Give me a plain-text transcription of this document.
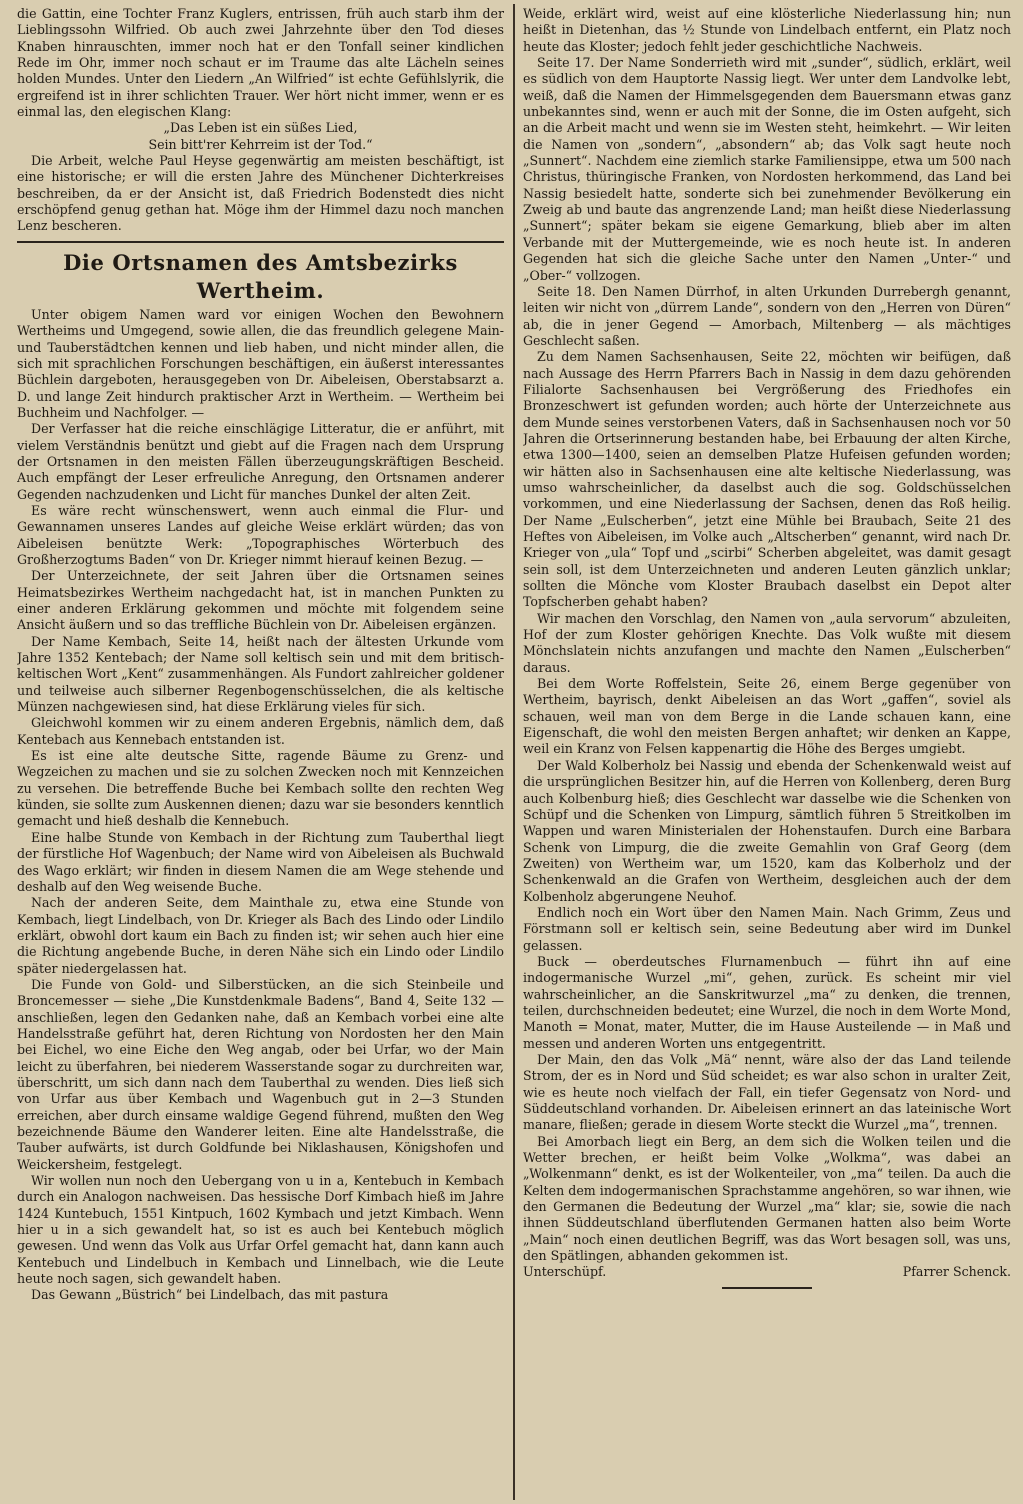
die Gattin, eine Tochter Franz Kuglers, entrissen, früh auch starb ihm der Lieblingssohn Wilfried. Ob auch zwei Jahrzehnte über den Tod dieses Knaben hinrauschten, immer noch hat er den Tonfall seiner kindlichen Rede im Ohr, immer noch schaut er im Traume das alte Lächeln seines holden Mundes. Unter den Liedern „An Wilfried“ ist echte Gefühlslyrik, die ergreifend ist in ihrer schlichten Trauer. Wer hört nicht immer, wenn er es einmal las, den elegischen Klang:

„Das Leben ist ein süßes Lied,

Sein bitt'rer Kehrreim ist der Tod.“

Die Arbeit, welche Paul Heyse gegenwärtig am meisten beschäftigt, ist eine historische; er will die ersten Jahre des Münchener Dichterkreises beschreiben, da er der Ansicht ist, daß Friedrich Bodenstedt dies nicht erschöpfend genug gethan hat. Möge ihm der Himmel dazu noch manchen Lenz bescheren.

Die Ortsnamen des Amtsbezirks Wertheim.

Unter obigem Namen ward vor einigen Wochen den Bewohnern Wertheims und Umgegend, sowie allen, die das freundlich gelegene Main- und Tauberstädtchen kennen und lieb haben, und nicht minder allen, die sich mit sprachlichen Forschungen beschäftigen, ein äußerst interessantes Büchlein dargeboten, herausgegeben von Dr. Aibeleisen, Oberstabsarzt a. D. und lange Zeit hindurch praktischer Arzt in Wertheim. — Wertheim bei Buchheim und Nachfolger. —

Der Verfasser hat die reiche einschlägige Litteratur, die er anführt, mit vielem Verständnis benützt und giebt auf die Fragen nach dem Ursprung der Ortsnamen in den meisten Fällen überzeugungskräftigen Bescheid. Auch empfängt der Leser erfreuliche Anregung, den Ortsnamen anderer Gegenden nachzudenken und Licht für manches Dunkel der alten Zeit.

Es wäre recht wünschenswert, wenn auch einmal die Flur- und Gewannamen unseres Landes auf gleiche Weise erklärt würden; das von Aibeleisen benützte Werk: „Topographisches Wörterbuch des Großherzogtums Baden“ von Dr. Krieger nimmt hierauf keinen Bezug. —

Der Unterzeichnete, der seit Jahren über die Ortsnamen seines Heimatsbezirkes Wertheim nachgedacht hat, ist in manchen Punkten zu einer anderen Erklärung gekommen und möchte mit folgendem seine Ansicht äußern und so das treffliche Büchlein von Dr. Aibeleisen ergänzen.

Der Name Kembach, Seite 14, heißt nach der ältesten Urkunde vom Jahre 1352 Kentebach; der Name soll keltisch sein und mit dem britisch-keltischen Wort „Kent“ zusammenhängen. Als Fundort zahlreicher goldener und teilweise auch silberner Regenbogenschüsselchen, die als keltische Münzen nachgewiesen sind, hat diese Erklärung vieles für sich.

Gleichwohl kommen wir zu einem anderen Ergebnis, nämlich dem, daß Kentebach aus Kennebach entstanden ist.

Es ist eine alte deutsche Sitte, ragende Bäume zu Grenz- und Wegzeichen zu machen und sie zu solchen Zwecken noch mit Kennzeichen zu versehen. Die betreffende Buche bei Kembach sollte den rechten Weg künden, sie sollte zum Auskennen dienen; dazu war sie besonders kenntlich gemacht und hieß deshalb die Kennebuch.

Eine halbe Stunde von Kembach in der Richtung zum Tauberthal liegt der fürstliche Hof Wagenbuch; der Name wird von Aibeleisen als Buchwald des Wago erklärt; wir finden in diesem Namen die am Wege stehende und deshalb auf den Weg weisende Buche.

Nach der anderen Seite, dem Mainthale zu, etwa eine Stunde von Kembach, liegt Lindelbach, von Dr. Krieger als Bach des Lindo oder Lindilo erklärt, obwohl dort kaum ein Bach zu finden ist; wir sehen auch hier eine die Richtung angebende Buche, in deren Nähe sich ein Lindo oder Lindilo später niedergelassen hat.

Die Funde von Gold- und Silberstücken, an die sich Steinbeile und Broncemesser — siehe „Die Kunstdenkmale Badens“, Band 4, Seite 132 — anschließen, legen den Gedanken nahe, daß an Kembach vorbei eine alte Handelsstraße geführt hat, deren Richtung von Nordosten her den Main bei Eichel, wo eine Eiche den Weg angab, oder bei Urfar, wo der Main leicht zu überfahren, bei niederem Wasserstande sogar zu durchreiten war, überschritt, um sich dann nach dem Tauberthal zu wenden. Dies ließ sich von Urfar aus über Kembach und Wagenbuch gut in 2—3 Stunden erreichen, aber durch einsame waldige Gegend führend, mußten den Weg bezeichnende Bäume den Wanderer leiten. Eine alte Handelsstraße, die Tauber aufwärts, ist durch Goldfunde bei Niklashausen, Königshofen und Weickersheim, festgelegt.

Wir wollen nun noch den Uebergang von u in a, Kentebuch in Kembach durch ein Analogon nachweisen. Das hessische Dorf Kimbach hieß im Jahre 1424 Kuntebuch, 1551 Kintpuch, 1602 Kymbach und jetzt Kimbach. Wenn hier u in a sich gewandelt hat, so ist es auch bei Kentebuch möglich gewesen. Und wenn das Volk aus Urfar Orfel gemacht hat, dann kann auch Kentebuch und Lindelbuch in Kembach und Linnelbach, wie die Leute heute noch sagen, sich gewandelt haben.

Das Gewann „Büstrich“ bei Lindelbach, das mit pastura

Weide, erklärt wird, weist auf eine klösterliche Niederlassung hin; nun heißt in Dietenhan, das ½ Stunde von Lindelbach entfernt, ein Platz noch heute das Kloster; jedoch fehlt jeder geschichtliche Nachweis.

Seite 17. Der Name Sonderrieth wird mit „sunder“, südlich, erklärt, weil es südlich von dem Hauptorte Nassig liegt. Wer unter dem Landvolke lebt, weiß, daß die Namen der Himmelsgegenden dem Bauersmann etwas ganz unbekanntes sind, wenn er auch mit der Sonne, die im Osten aufgeht, sich an die Arbeit macht und wenn sie im Westen steht, heimkehrt. — Wir leiten die Namen von „sondern“, „absondern“ ab; das Volk sagt heute noch „Sunnert“. Nachdem eine ziemlich starke Familiensippe, etwa um 500 nach Christus, thüringische Franken, von Nordosten herkommend, das Land bei Nassig besiedelt hatte, sonderte sich bei zunehmender Bevölkerung ein Zweig ab und baute das angrenzende Land; man heißt diese Niederlassung „Sunnert“; später bekam sie eigene Gemarkung, blieb aber im alten Verbande mit der Muttergemeinde, wie es noch heute ist. In anderen Gegenden hat sich die gleiche Sache unter den Namen „Unter-“ und „Ober-“ vollzogen.

Seite 18. Den Namen Dürrhof, in alten Urkunden Durrebergh genannt, leiten wir nicht von „dürrem Lande“, sondern von den „Herren von Düren“ ab, die in jener Gegend — Amorbach, Miltenberg — als mächtiges Geschlecht saßen.

Zu dem Namen Sachsenhausen, Seite 22, möchten wir beifügen, daß nach Aussage des Herrn Pfarrers Bach in Nassig in dem dazu gehörenden Filialorte Sachsenhausen bei Vergrößerung des Friedhofes ein Bronzeschwert ist gefunden worden; auch hörte der Unterzeichnete aus dem Munde seines verstorbenen Vaters, daß in Sachsenhausen noch vor 50 Jahren die Ortserinnerung bestanden habe, bei Erbauung der alten Kirche, etwa 1300—1400, seien an demselben Platze Hufeisen gefunden worden; wir hätten also in Sachsenhausen eine alte keltische Niederlassung, was umso wahrscheinlicher, da daselbst auch die sog. Goldschüsselchen vorkommen, und eine Niederlassung der Sachsen, denen das Roß heilig. Der Name „Eulscherben“, jetzt eine Mühle bei Braubach, Seite 21 des Heftes von Aibeleisen, im Volke auch „Altscherben“ genannt, wird nach Dr. Krieger von „ula“ Topf und „scirbi“ Scherben abgeleitet, was damit gesagt sein soll, ist dem Unterzeichneten und anderen Leuten gänzlich unklar; sollten die Mönche vom Kloster Braubach daselbst ein Depot alter Topfscherben gehabt haben?

Wir machen den Vorschlag, den Namen von „aula servorum“ abzuleiten, Hof der zum Kloster gehörigen Knechte. Das Volk wußte mit diesem Mönchslatein nichts anzufangen und machte den Namen „Eulscherben“ daraus.

Bei dem Worte Roffelstein, Seite 26, einem Berge gegenüber von Wertheim, bayrisch, denkt Aibeleisen an das Wort „gaffen“, soviel als schauen, weil man von dem Berge in die Lande schauen kann, eine Eigenschaft, die wohl den meisten Bergen anhaftet; wir denken an Kappe, weil ein Kranz von Felsen kappenartig die Höhe des Berges umgiebt.

Der Wald Kolberholz bei Nassig und ebenda der Schenkenwald weist auf die ursprünglichen Besitzer hin, auf die Herren von Kollenberg, deren Burg auch Kolbenburg hieß; dies Geschlecht war dasselbe wie die Schenken von Schüpf und die Schenken von Limpurg, sämtlich führen 5 Streitkolben im Wappen und waren Ministerialen der Hohenstaufen. Durch eine Barbara Schenk von Limpurg, die die zweite Gemahlin von Graf Georg (dem Zweiten) von Wertheim war, um 1520, kam das Kolberholz und der Schenkenwald an die Grafen von Wertheim, desgleichen auch der dem Kolbenholz abgerungene Neuhof.

Endlich noch ein Wort über den Namen Main. Nach Grimm, Zeus und Förstmann soll er keltisch sein, seine Bedeutung aber wird im Dunkel gelassen.

Buck — oberdeutsches Flurnamenbuch — führt ihn auf eine indogermanische Wurzel „mi“, gehen, zurück. Es scheint mir viel wahrscheinlicher, an die Sanskritwurzel „ma“ zu denken, die trennen, teilen, durchschneiden bedeutet; eine Wurzel, die noch in dem Worte Mond, Manoth = Monat, mater, Mutter, die im Hause Austeilende — in Maß und messen und anderen Worten uns entgegentritt.

Der Main, den das Volk „Mä“ nennt, wäre also der das Land teilende Strom, der es in Nord und Süd scheidet; es war also schon in uralter Zeit, wie es heute noch vielfach der Fall, ein tiefer Gegensatz von Nord- und Süddeutschland vorhanden. Dr. Aibeleisen erinnert an das lateinische Wort manare, fließen; gerade in diesem Worte steckt die Wurzel „ma“, trennen.

Bei Amorbach liegt ein Berg, an dem sich die Wolken teilen und die Wetter brechen, er heißt beim Volke „Wolkma“, was dabei an „Wolkenmann“ denkt, es ist der Wolkenteiler, von „ma“ teilen. Da auch die Kelten dem indogermanischen Sprachstamme angehören, so war ihnen, wie den Germanen die Bedeutung der Wurzel „ma“ klar; sie, sowie die nach ihnen Süddeutschland überflutenden Germanen hatten also beim Worte „Main“ noch einen deutlichen Begriff, was das Wort besagen soll, was uns, den Spätlingen, abhanden gekommen ist.

Unterschüpf.	Pfarrer Schenck.
